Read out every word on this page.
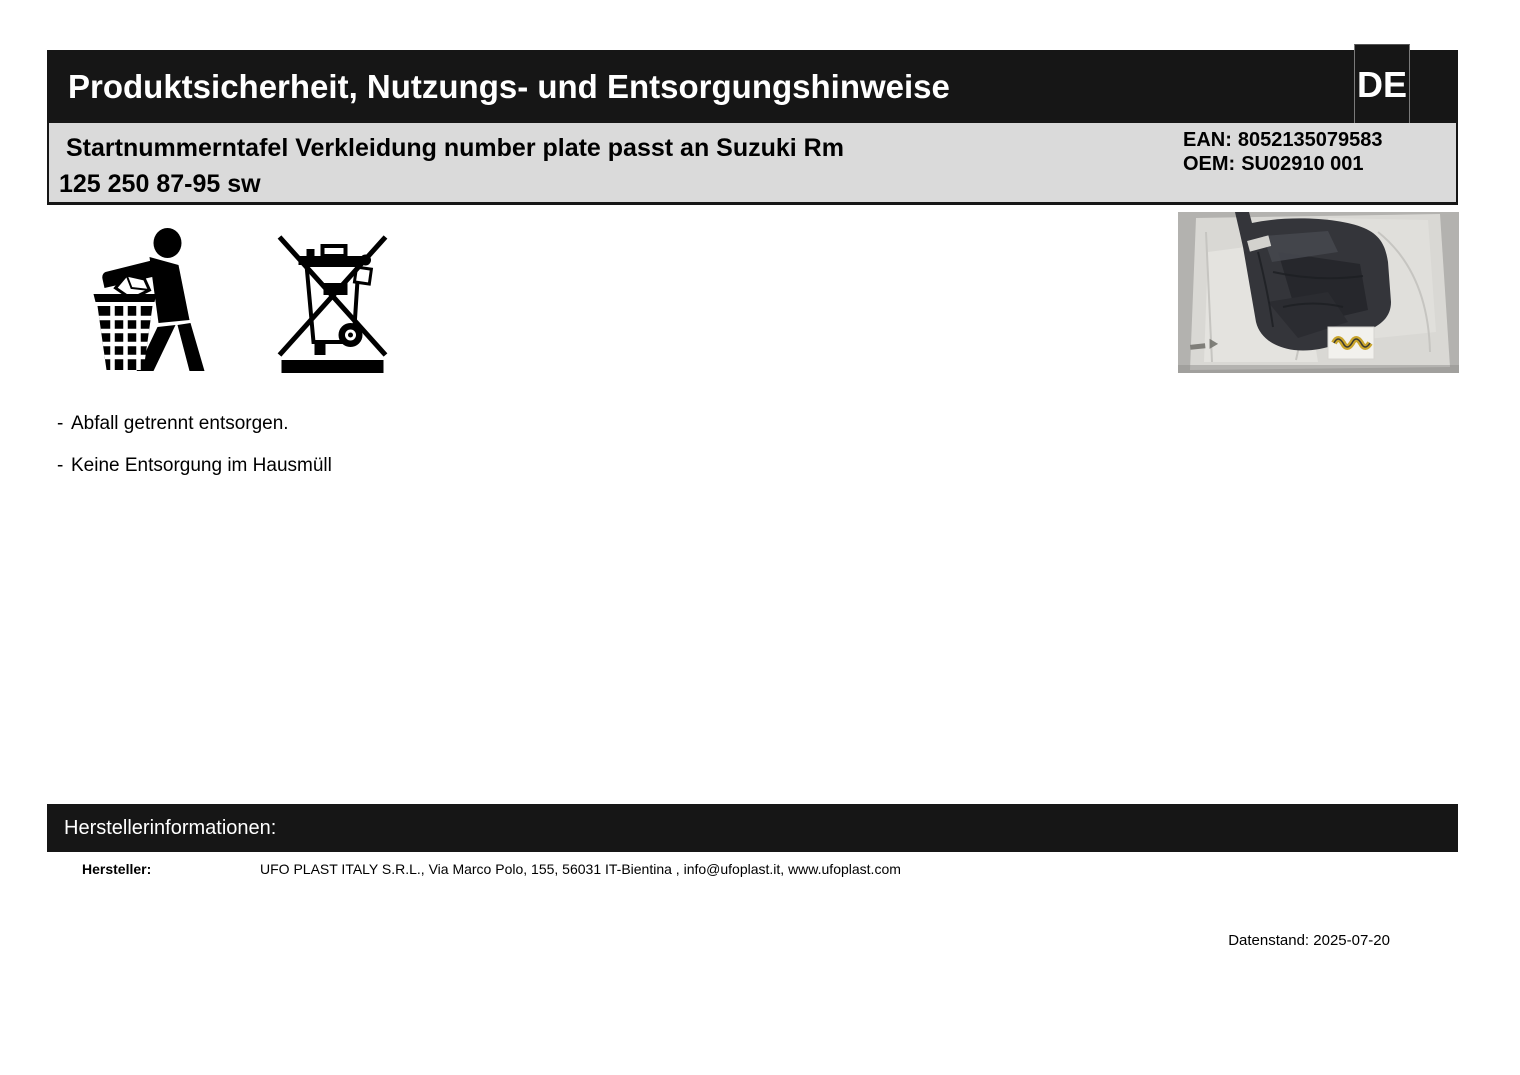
Produktsicherheit, Nutzungs- und Entsorgungshinweise	DE
Startnummerntafel Verkleidung number plate passt an Suzuki Rm
125 250 87-95 sw
EAN: 8052135079583
OEM: SU02910 001
- Abfall getrennt entsorgen.
- Keine Entsorgung im Hausmüll
Herstellerinformationen:
Hersteller:	UFO PLAST ITALY S.R.L., Via Marco Polo, 155, 56031 IT-Bientina , info@ufoplast.it, www.ufoplast.com
Datenstand: 2025-07-20
